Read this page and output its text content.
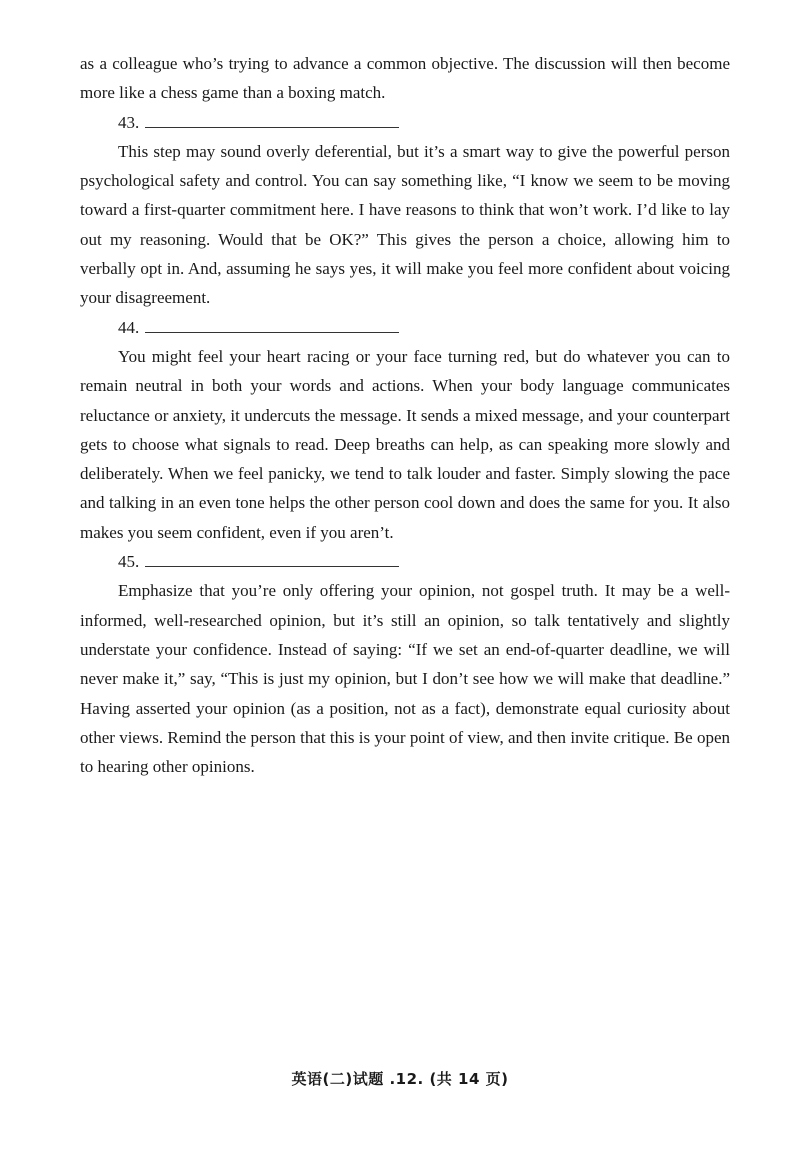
as a colleague who’s trying to advance a common objective. The discussion will then become more like a chess game than a boxing match.

43.

This step may sound overly deferential, but it’s a smart way to give the powerful person psychological safety and control. You can say something like, “I know we seem to be moving toward a first-quarter commitment here. I have reasons to think that won’t work. I’d like to lay out my reasoning. Would that be OK?” This gives the person a choice, allowing him to verbally opt in. And, assuming he says yes, it will make you feel more confident about voicing your disagreement.

44.

You might feel your heart racing or your face turning red, but do whatever you can to remain neutral in both your words and actions. When your body language communicates reluctance or anxiety, it undercuts the message. It sends a mixed message, and your counterpart gets to choose what signals to read. Deep breaths can help, as can speaking more slowly and deliberately. When we feel panicky, we tend to talk louder and faster. Simply slowing the pace and talking in an even tone helps the other person cool down and does the same for you. It also makes you seem confident, even if you aren’t.

45.

Emphasize that you’re only offering your opinion, not gospel truth. It may be a well-informed, well-researched opinion, but it’s still an opinion, so talk tentatively and slightly understate your confidence. Instead of saying: “If we set an end-of-quarter deadline, we will never make it,” say, “This is just my opinion, but I don’t see how we will make that deadline.” Having asserted your opinion (as a position, not as a fact), demonstrate equal curiosity about other views. Remind the person that this is your point of view, and then invite critique. Be open to hearing other opinions.

英语(二)试题 .12. (共 14 页)
